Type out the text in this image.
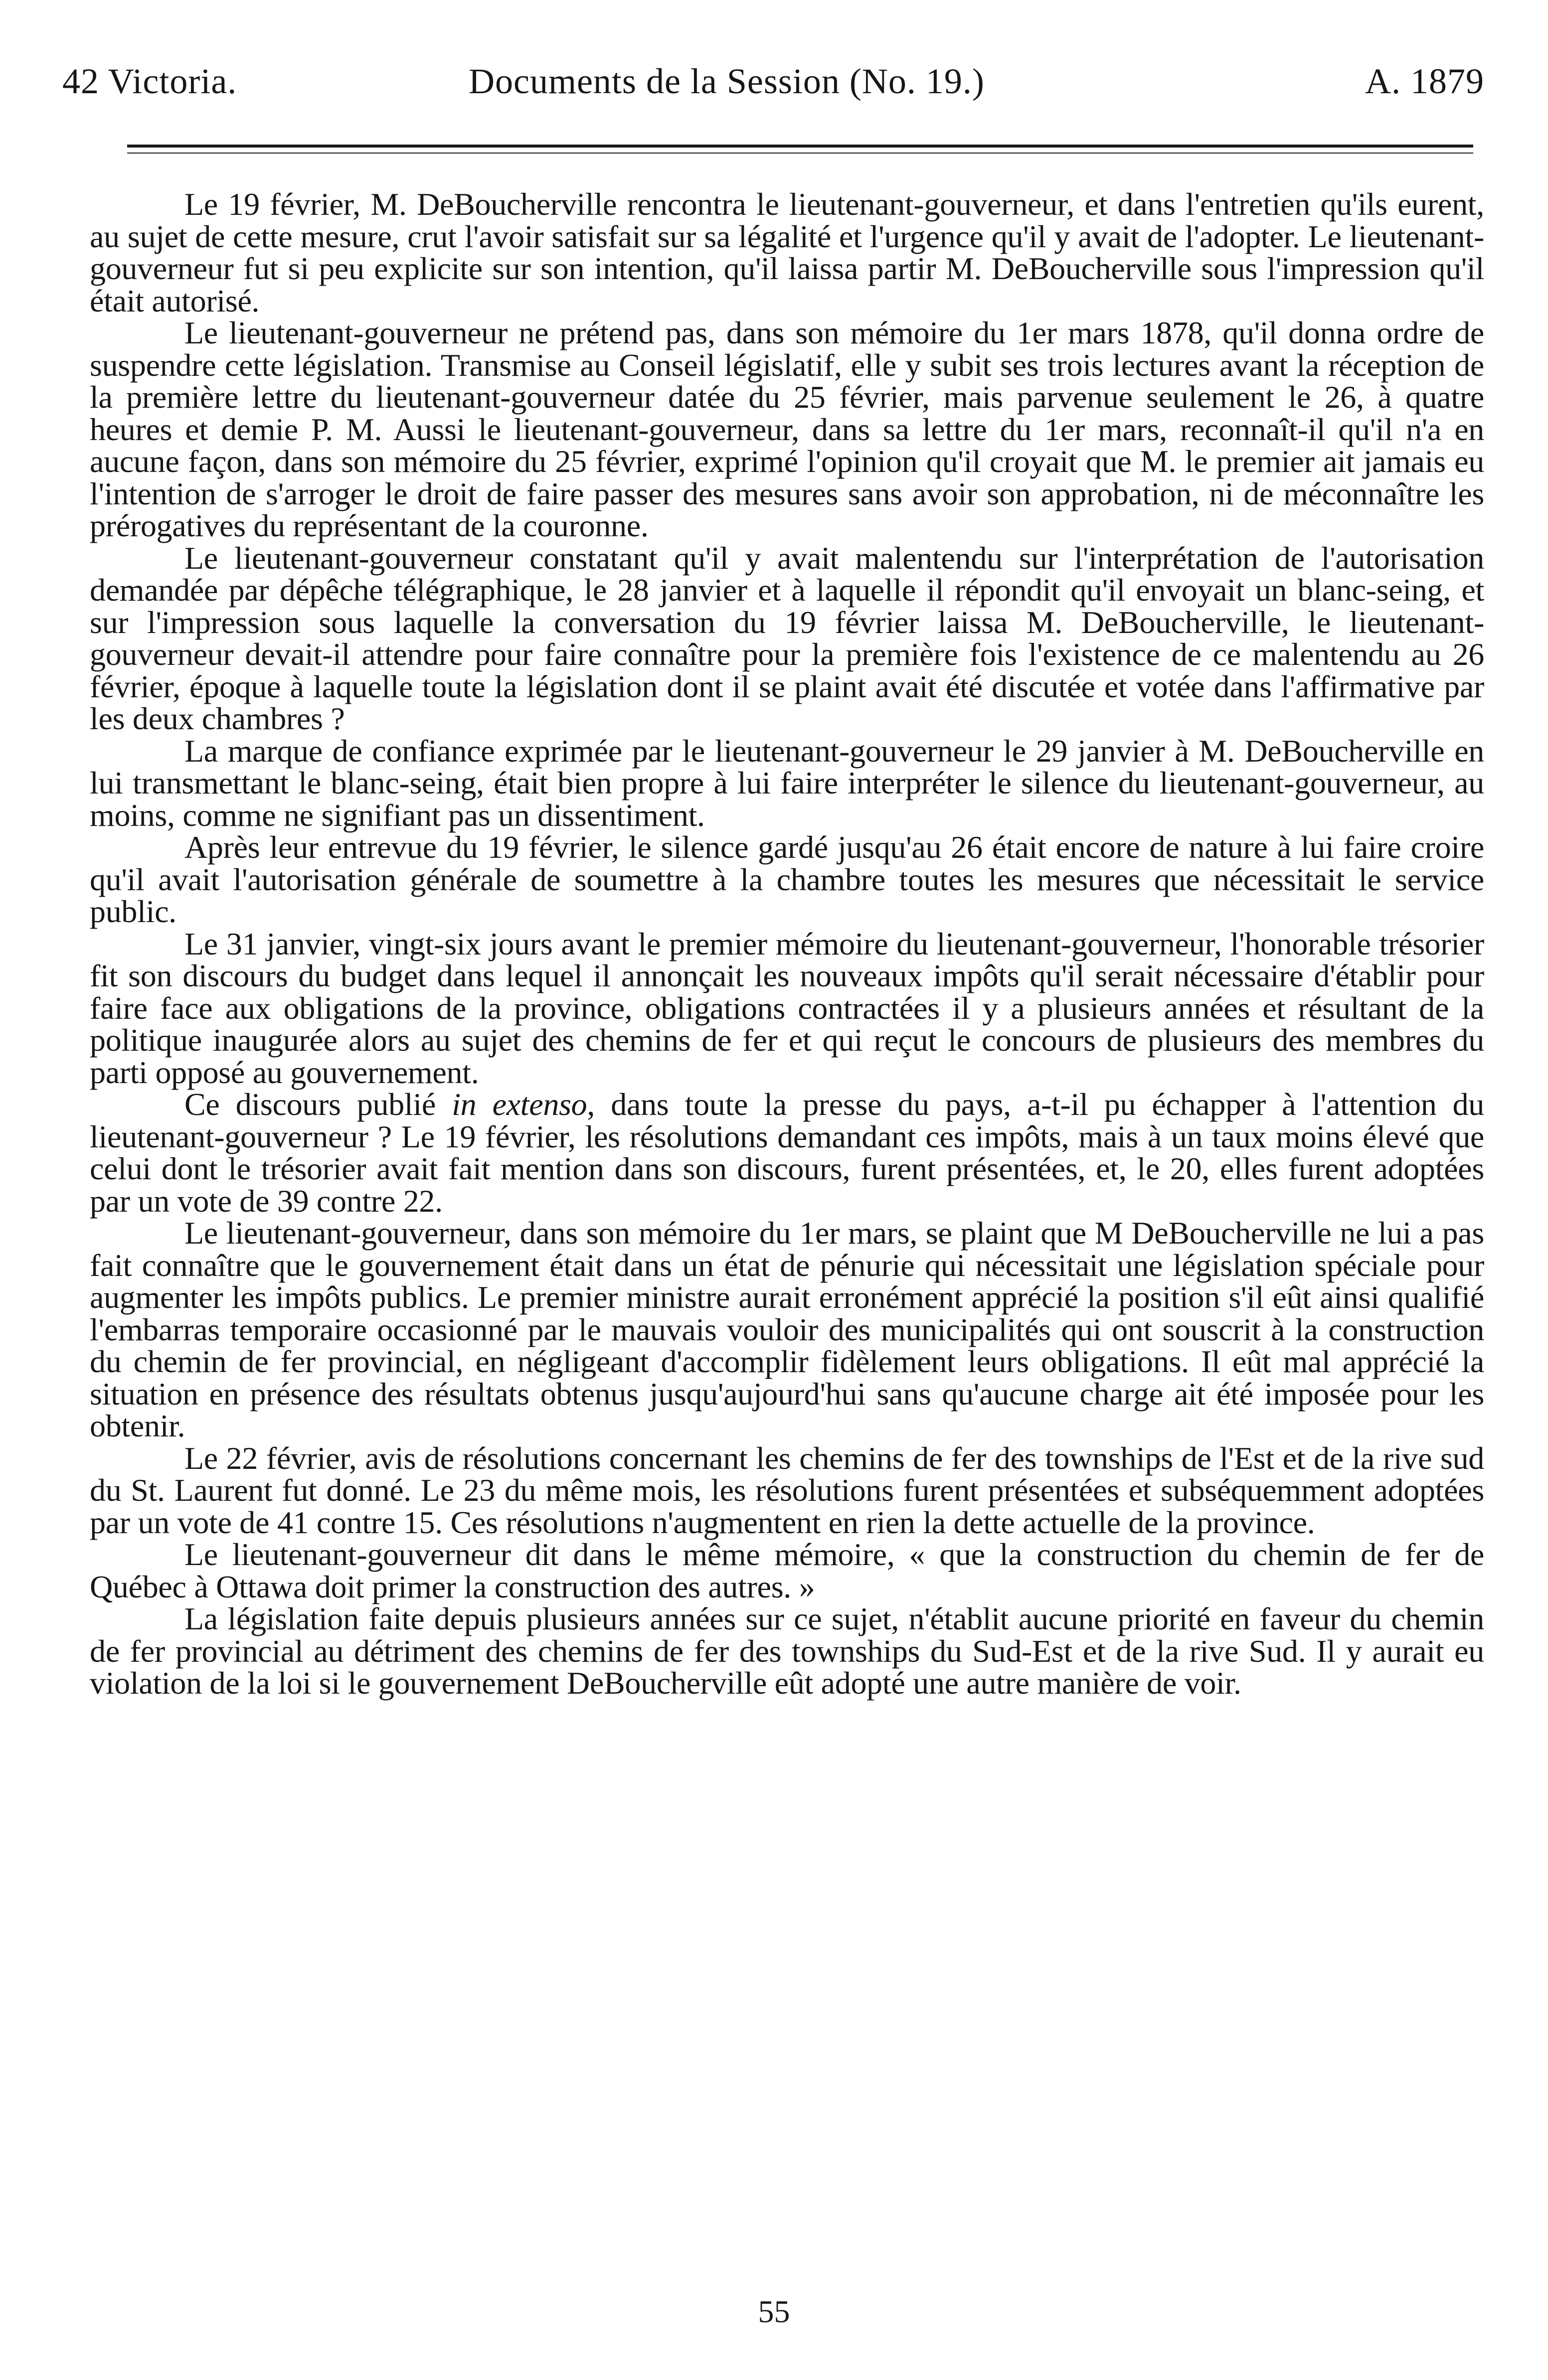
42 Victoria.	Documents de la Session (No. 19.)	A. 1879

Le 19 février, M. DeBoucherville rencontra le lieutenant-gouverneur, et dans l'entretien qu'ils eurent, au sujet de cette mesure, crut l'avoir satisfait sur sa légalité et l'urgence qu'il y avait de l'adopter. Le lieutenant-gouverneur fut si peu explicite sur son intention, qu'il laissa partir M. DeBoucherville sous l'impression qu'il était autorisé.

Le lieutenant-gouverneur ne prétend pas, dans son mémoire du 1er mars 1878, qu'il donna ordre de suspendre cette législation. Transmise au Conseil législatif, elle y subit ses trois lectures avant la réception de la première lettre du lieutenant-gouverneur datée du 25 février, mais parvenue seulement le 26, à quatre heures et demie P. M. Aussi le lieutenant-gouverneur, dans sa lettre du 1er mars, reconnaît-il qu'il n'a en aucune façon, dans son mémoire du 25 février, exprimé l'opinion qu'il croyait que M. le premier ait jamais eu l'intention de s'arroger le droit de faire passer des mesures sans avoir son approbation, ni de méconnaître les prérogatives du représentant de la couronne.

Le lieutenant-gouverneur constatant qu'il y avait malentendu sur l'interprétation de l'autorisation demandée par dépêche télégraphique, le 28 janvier et à laquelle il répondit qu'il envoyait un blanc-seing, et sur l'impression sous laquelle la conversation du 19 février laissa M. DeBoucherville, le lieutenant-gouverneur devait-il attendre pour faire connaître pour la première fois l'existence de ce malentendu au 26 février, époque à laquelle toute la législation dont il se plaint avait été discutée et votée dans l'affirmative par les deux chambres ?

La marque de confiance exprimée par le lieutenant-gouverneur le 29 janvier à M. DeBoucherville en lui transmettant le blanc-seing, était bien propre à lui faire interpréter le silence du lieutenant-gouverneur, au moins, comme ne signifiant pas un dissentiment.

Après leur entrevue du 19 février, le silence gardé jusqu'au 26 était encore de nature à lui faire croire qu'il avait l'autorisation générale de soumettre à la chambre toutes les mesures que nécessitait le service public.

Le 31 janvier, vingt-six jours avant le premier mémoire du lieutenant-gouverneur, l'honorable trésorier fit son discours du budget dans lequel il annonçait les nouveaux impôts qu'il serait nécessaire d'établir pour faire face aux obligations de la province, obligations contractées il y a plusieurs années et résultant de la politique inaugurée alors au sujet des chemins de fer et qui reçut le concours de plusieurs des membres du parti opposé au gouvernement.

Ce discours publié in extenso, dans toute la presse du pays, a-t-il pu échapper à l'attention du lieutenant-gouverneur ? Le 19 février, les résolutions demandant ces impôts, mais à un taux moins élevé que celui dont le trésorier avait fait mention dans son discours, furent présentées, et, le 20, elles furent adoptées par un vote de 39 contre 22.

Le lieutenant-gouverneur, dans son mémoire du 1er mars, se plaint que M DeBoucherville ne lui a pas fait connaître que le gouvernement était dans un état de pénurie qui nécessitait une législation spéciale pour augmenter les impôts publics. Le premier ministre aurait erronément apprécié la position s'il eût ainsi qualifié l'embarras temporaire occasionné par le mauvais vouloir des municipalités qui ont souscrit à la construction du chemin de fer provincial, en négligeant d'accomplir fidèlement leurs obligations. Il eût mal apprécié la situation en présence des résultats obtenus jusqu'aujourd'hui sans qu'aucune charge ait été imposée pour les obtenir.

Le 22 février, avis de résolutions concernant les chemins de fer des townships de l'Est et de la rive sud du St. Laurent fut donné. Le 23 du même mois, les résolutions furent présentées et subséquemment adoptées par un vote de 41 contre 15. Ces résolutions n'augmentent en rien la dette actuelle de la province.

Le lieutenant-gouverneur dit dans le même mémoire, « que la construction du chemin de fer de Québec à Ottawa doit primer la construction des autres. »

La législation faite depuis plusieurs années sur ce sujet, n'établit aucune priorité en faveur du chemin de fer provincial au détriment des chemins de fer des townships du Sud-Est et de la rive Sud. Il y aurait eu violation de la loi si le gouvernement DeBoucherville eût adopté une autre manière de voir.

55
